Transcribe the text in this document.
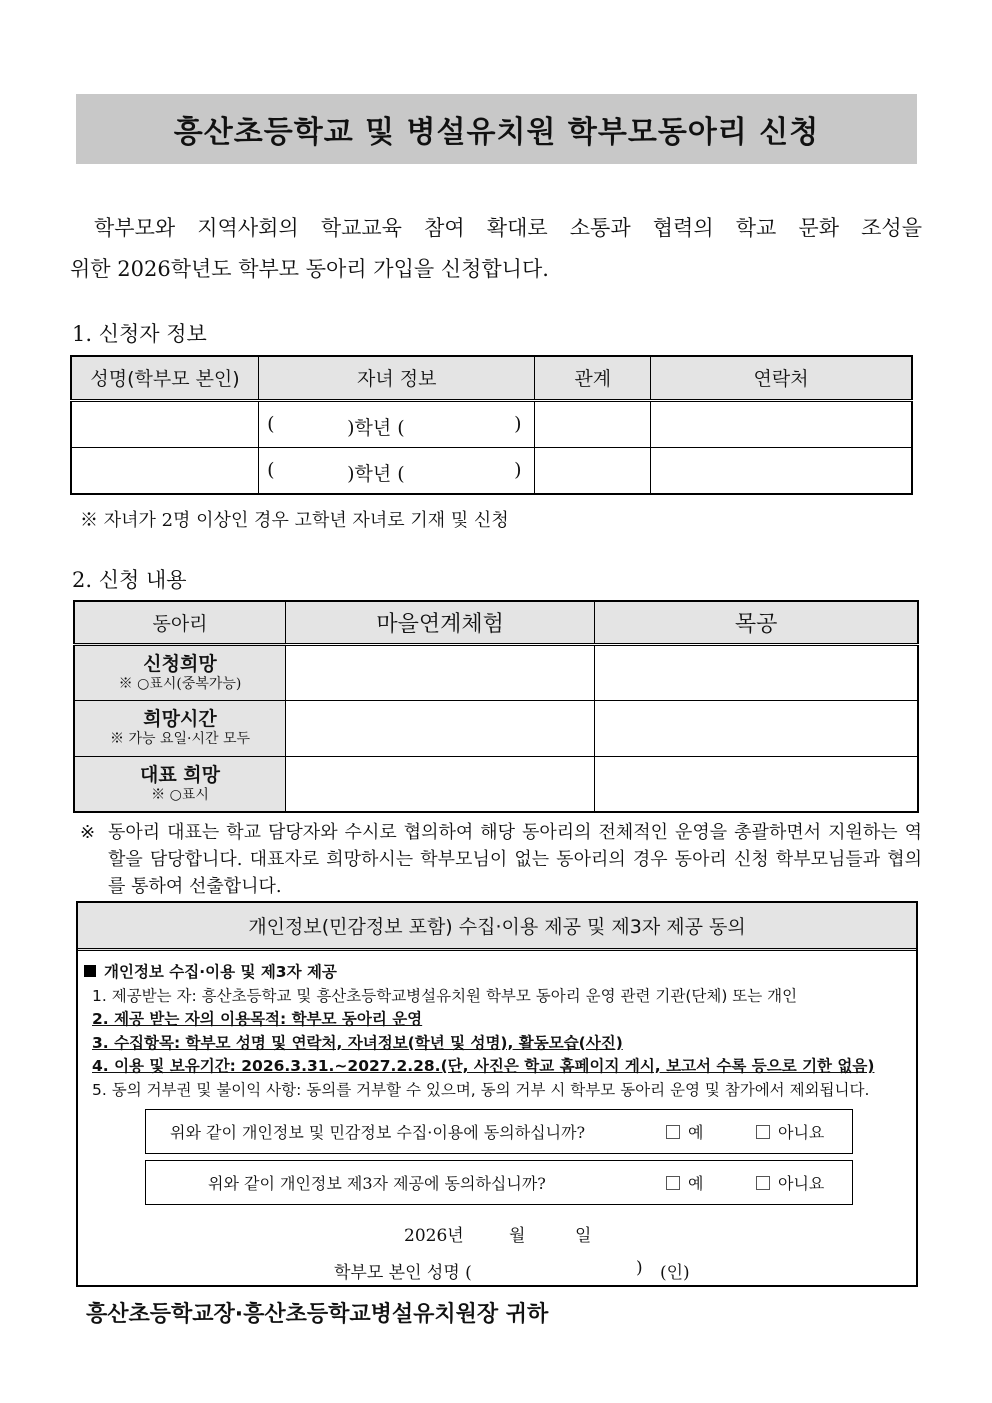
흥산초등학교 및 병설유치원 학부모동아리 신청
학부모와 지역사회의 학교교육 참여 확대로 소통과 협력의 학교 문화 조성을
위한 2026학년도 학부모 동아리 가입을 신청합니다.
1. 신청자 정보
성명(학부모 본인)	자녀 정보	관계	연락처

	( )학년 ( )		

	( )학년 ( )		

※ 자녀가 2명 이상인 경우 고학년 자녀로 기재 및 신청
2. 신청 내용
동아리	마을연계체험	목공

신청희망
※ ○표시(중복가능)		

희망시간
※ 가능 요일·시간 모두		

대표 희망
※ ○표시		

※ 동아리 대표는 학교 담당자와 수시로 협의하여 해당 동아리의 전체적인 운영을 총괄하면서 지원하는 역할을 담당합니다. 대표자로 희망하시는 학부모님이 없는 동아리의 경우 동아리 신청 학부모님들과 협의를 통하여 선출합니다.
개인정보(민감정보 포함) 수집·이용 제공 및 제3자 제공 동의
개인정보 수집·이용 및 제3자 제공
1. 제공받는 자: 흥산초등학교 및 흥산초등학교병설유치원 학부모 동아리 운영 관련 기관(단체) 또는 개인
2. 제공 받는 자의 이용목적: 학부모 동아리 운영
3. 수집항목: 학부모 성명 및 연락처, 자녀정보(학년 및 성명), 활동모습(사진)
4. 이용 및 보유기간: 2026.3.31.~2027.2.28.(단, 사진은 학교 홈페이지 게시, 보고서 수록 등으로 기한 없음)
5. 동의 거부권 및 불이익 사항: 동의를 거부할 수 있으며, 동의 거부 시 학부모 동아리 운영 및 참가에서 제외됩니다.
위와 같이 개인정보 및 민감정보 수집·이용에 동의하십니까?	예	아니요
위와 같이 개인정보 제3자 제공에 동의하십니까?	예	아니요
2026년	월	일
학부모 본인 성명 (	) (인)
흥산초등학교장·흥산초등학교병설유치원장 귀하
